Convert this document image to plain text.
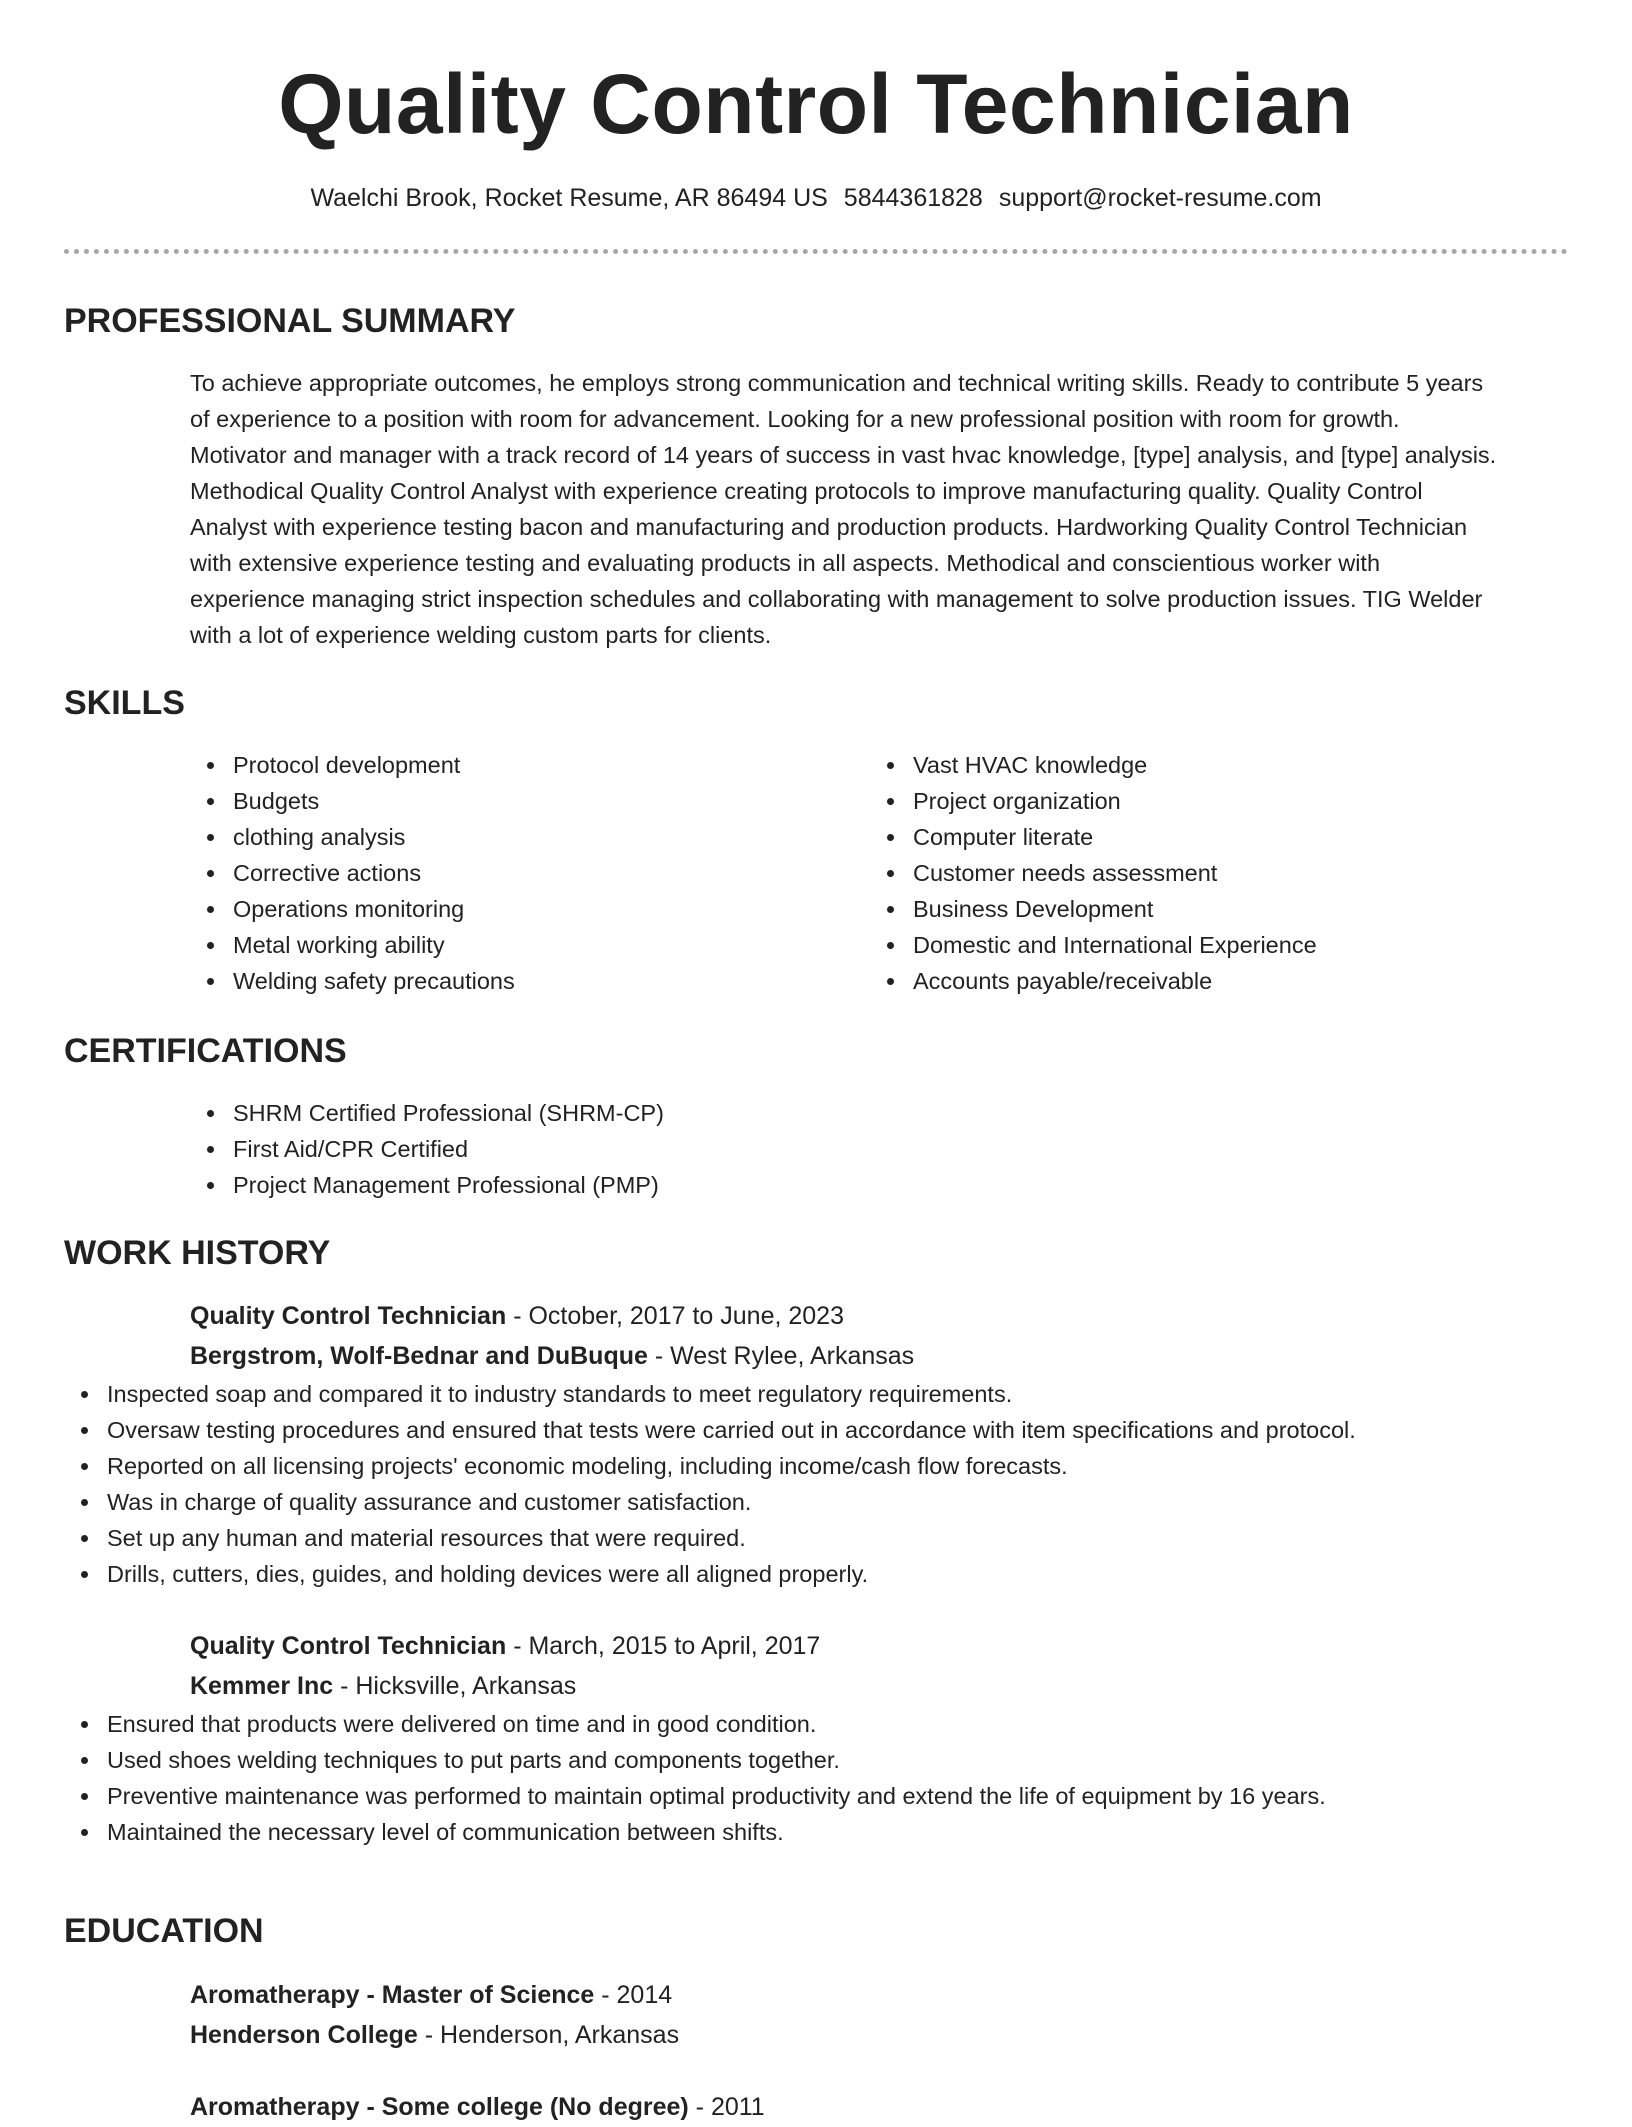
Quality Control Technician
Waelchi Brook, Rocket Resume, AR 86494 US 5844361828 support@rocket-resume.com
PROFESSIONAL SUMMARY

To achieve appropriate outcomes, he employs strong communication and technical writing skills. Ready to contribute 5 years

of experience to a position with room for advancement. Looking for a new professional position with room for growth.

Motivator and manager with a track record of 14 years of success in vast hvac knowledge, [type] analysis, and [type] analysis.

Methodical Quality Control Analyst with experience creating protocols to improve manufacturing quality. Quality Control

Analyst with experience testing bacon and manufacturing and production products. Hardworking Quality Control Technician

with extensive experience testing and evaluating products in all aspects. Methodical and conscientious worker with

experience managing strict inspection schedules and collaborating with management to solve production issues. TIG Welder

with a lot of experience welding custom parts for clients.

SKILLS
Protocol development
Budgets
clothing analysis
Corrective actions
Operations monitoring
Metal working ability
Welding safety precautions
Vast HVAC knowledge
Project organization
Computer literate
Customer needs assessment
Business Development
Domestic and International Experience
Accounts payable/receivable
CERTIFICATIONS
SHRM Certified Professional (SHRM-CP)
First Aid/CPR Certified
Project Management Professional (PMP)
WORK HISTORY

Quality Control Technician - October, 2017 to June, 2023

Bergstrom, Wolf-Bednar and DuBuque - West Rylee, Arkansas

Inspected soap and compared it to industry standards to meet regulatory requirements.
Oversaw testing procedures and ensured that tests were carried out in accordance with item specifications and protocol.
Reported on all licensing projects' economic modeling, including income/cash flow forecasts.
Was in charge of quality assurance and customer satisfaction.
Set up any human and material resources that were required.
Drills, cutters, dies, guides, and holding devices were all aligned properly.

Quality Control Technician - March, 2015 to April, 2017

Kemmer Inc - Hicksville, Arkansas

Ensured that products were delivered on time and in good condition.
Used shoes welding techniques to put parts and components together.
Preventive maintenance was performed to maintain optimal productivity and extend the life of equipment by 16 years.
Maintained the necessary level of communication between shifts.
EDUCATION

Aromatherapy - Master of Science - 2014

Henderson College - Henderson, Arkansas

Aromatherapy - Some college (No degree) - 2011
